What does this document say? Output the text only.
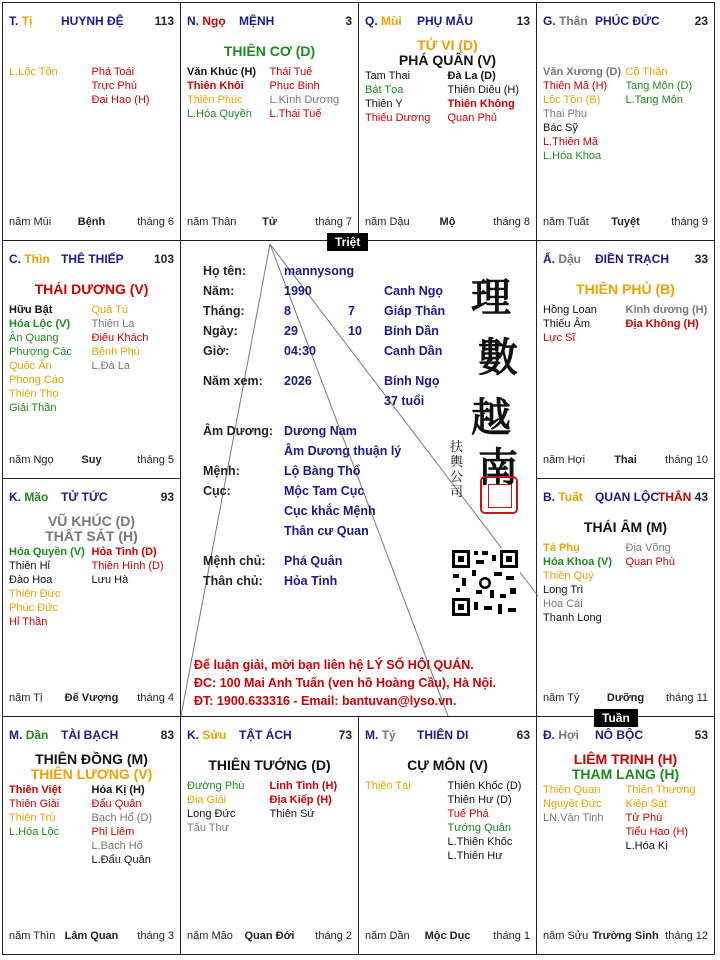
T. Tị HUYNH ĐỆ	113
L.Lộc Tồn	Phá Toái
Trực Phù
Đại Hao (H)
năm Mùi Bệnh	tháng 6
N. Ngọ MỆNH	3
THIÊN CƠ (D)
Văn Khúc (H)
Thiên Khôi
Thiên Phúc
L.Hóa Quyền
Thái Tuế
Phục Binh
L.Kình Dương
L.Thái Tuế
năm Thân Tử	tháng 7
Q. Mùi PHỤ MẪU	13
TỬ VI (D)
PHÁ QUÂN (V)
Tam Thai
Bát Tọa
Thiên Y
Thiếu Dương
Đà La (D)
Thiên Diêu (H)
Thiên Không
Quan Phủ
năm Dậu	Mộ	tháng 8
G. Thân PHÚC ĐỨC	23
Văn Xương (D)
Thiên Mã (H)
Lộc Tồn (B)
Thai Phụ
Bác Sỹ
L.Thiên Mã
L.Hóa Khoa
Cô Thần
Tang Môn (D)
L.Tang Môn
năm Tuất Tuyệt	tháng 9
C. Thìn THÊ THIẾP	103
THÁI DƯƠNG (V)
Hữu Bật
Hóa Lộc (V)
Ân Quang
Phượng Các
Quốc Ấn
Phong Cáo
Thiên Thọ
Giải Thần
Quả Tú
Thiên La
Điếu Khách
Bệnh Phù
L.Đà La
năm Ngọ	Suy	tháng 5
Ấ. Dậu ĐIỀN TRẠCH 33
THIÊN PHỦ (B)
Hồng Loan
Thiếu Âm
Lực Sĩ
Kình dương (H)
Địa Không (H)
năm Hợi	Thai	tháng 10
K. Mão TỬ TỨC	93
VŨ KHÚC (D)
THẤT SÁT (H)
Hóa Quyền (V)
Thiên Hỉ
Đào Hoa
Thiên Đức
Phúc Đức
Hỉ Thần
Hỏa Tinh (D)
Thiên Hình (D)
Lưu Hà
năm Tị Đế Vượng tháng 4
B. Tuất QUAN LỘC
THÂN 43
THÁI ÂM (M)
Tả Phụ
Hóa Khoa (V)
Thiên Quý
Long Trì
Hoa Cái
Thanh Long
Địa Võng
Quan Phù
năm Tý Dưỡng tháng 11
M. Dần TÀI BẠCH	83
THIÊN ĐỒNG (M)
THIÊN LƯƠNG (V)
Thiên Việt
Thiên Giải
Thiên Trù
L.Hóa Lộc
Hóa Kị (H)
Đẩu Quân
Bạch Hổ (D)
Phi Liêm
L.Bạch Hổ
L.Đẩu Quân
năm Thìn Lâm Quan tháng 3
K. Sửu TẬT ÁCH	73
THIÊN TƯỚNG (D)
Đường Phù
Địa Giải
Long Đức
Tấu Thư
Linh Tinh (H)
Địa Kiếp (H)
Thiên Sứ
năm Mão Quan Đới tháng 2
M. Tý THIÊN DI	63
CỰ MÔN (V)
Thiên Tài	Thiên Khốc (D)
Thiên Hư (D)
Tuế Phá
Tướng Quân
L.Thiên Khốc
L.Thiên Hư
năm Dần Mộc Dục tháng 1
Đ. Hợi NÔ BỘC	53
LIÊM TRINH (H)
THAM LANG (H)
Thiên Quan
Nguyệt Đức
LN.Văn Tinh
Thiên Thương
Kiếp Sát
Tử Phù
Tiểu Hao (H)
L.Hóa Kị
năm Sửu Trường Sinh tháng 12
Họ tên:	mannysong
Năm:	1990	Canh Ngọ
Tháng:	8	7 Giáp Thân
Ngày:	29	10 Bính Dần
Giờ:	04:30	Canh Dần
Năm xem: 2026	Bính Ngọ
37 tuổi
Âm Dương: Dương Nam
Âm Dương thuận lý
Mệnh:	Lộ Bàng Thổ
Cục:	Mộc Tam Cục
Cục khắc Mệnh
Thân cư Quan
Mệnh chủ: Phá Quân
Thân chủ: Hỏa Tinh
理
數
越
南
扶輿公司
Để luận giải, mời bạn liên hệ LÝ SỐ HỘI QUÁN.
ĐC: 100 Mai Anh Tuấn (ven hồ Hoàng Cầu), Hà Nội.
ĐT: 1900.633316 - Email: bantuvan@lyso.vn.
Triệt
Tuần
